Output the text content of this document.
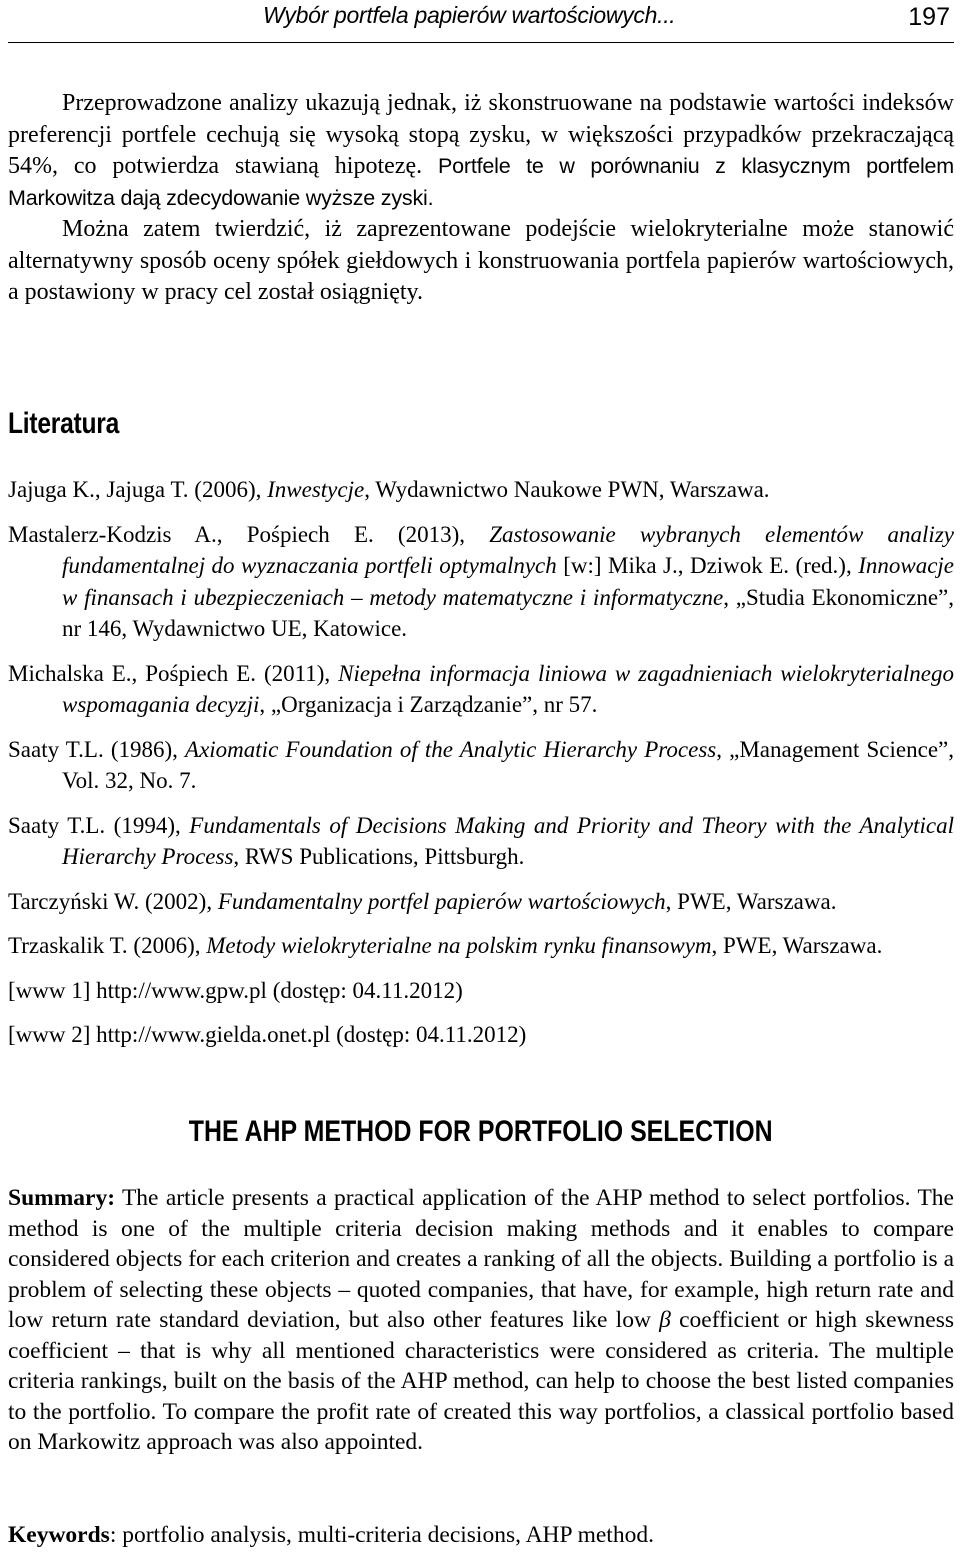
Wybór portfela papierów wartościowych...	197

Przeprowadzone analizy ukazują jednak, iż skonstruowane na podstawie wartości indeksów preferencji portfele cechują się wysoką stopą zysku, w większości przypadków przekraczającą 54%, co potwierdza stawianą hipotezę. Portfele te w porównaniu z klasycznym portfelem Markowitza dają zdecydowanie wyższe zyski.

Można zatem twierdzić, iż zaprezentowane podejście wielokryterialne może stanowić alternatywny sposób oceny spółek giełdowych i konstruowania portfela papierów wartościowych, a postawiony w pracy cel został osiągnięty.

Literatura
Jajuga K., Jajuga T. (2006), Inwestycje, Wydawnictwo Naukowe PWN, Warszawa.
Mastalerz-Kodzis A., Pośpiech E. (2013), Zastosowanie wybranych elementów analizy fundamentalnej do wyznaczania portfeli optymalnych [w:] Mika J., Dziwok E. (red.), Innowacje w finansach i ubezpieczeniach – metody matematyczne i informatyczne, „Studia Ekonomiczne”, nr 146, Wydawnictwo UE, Katowice.
Michalska E., Pośpiech E. (2011), Niepełna informacja liniowa w zagadnieniach wielokryterialnego wspomagania decyzji, „Organizacja i Zarządzanie”, nr 57.
Saaty T.L. (1986), Axiomatic Foundation of the Analytic Hierarchy Process, „Management Science”, Vol. 32, No. 7.
Saaty T.L. (1994), Fundamentals of Decisions Making and Priority and Theory with the Analytical Hierarchy Process, RWS Publications, Pittsburgh.
Tarczyński W. (2002), Fundamentalny portfel papierów wartościowych, PWE, Warszawa.
Trzaskalik T. (2006), Metody wielokryterialne na polskim rynku finansowym, PWE, Warszawa.
[www 1] http://www.gpw.pl (dostęp: 04.11.2012)
[www 2] http://www.gielda.onet.pl (dostęp: 04.11.2012)
THE AHP METHOD FOR PORTFOLIO SELECTION

Summary: The article presents a practical application of the AHP method to select portfolios. The method is one of the multiple criteria decision making methods and it enables to compare considered objects for each criterion and creates a ranking of all the objects. Building a portfolio is a problem of selecting these objects – quoted companies, that have, for example, high return rate and low return rate standard deviation, but also other features like low β coefficient or high skewness coefficient – that is why all mentioned characteristics were considered as criteria. The multiple criteria rankings, built on the basis of the AHP method, can help to choose the best listed companies to the portfolio. To compare the profit rate of created this way portfolios, a classical portfolio based on Markowitz approach was also appointed.

Keywords: portfolio analysis, multi-criteria decisions, AHP method.
